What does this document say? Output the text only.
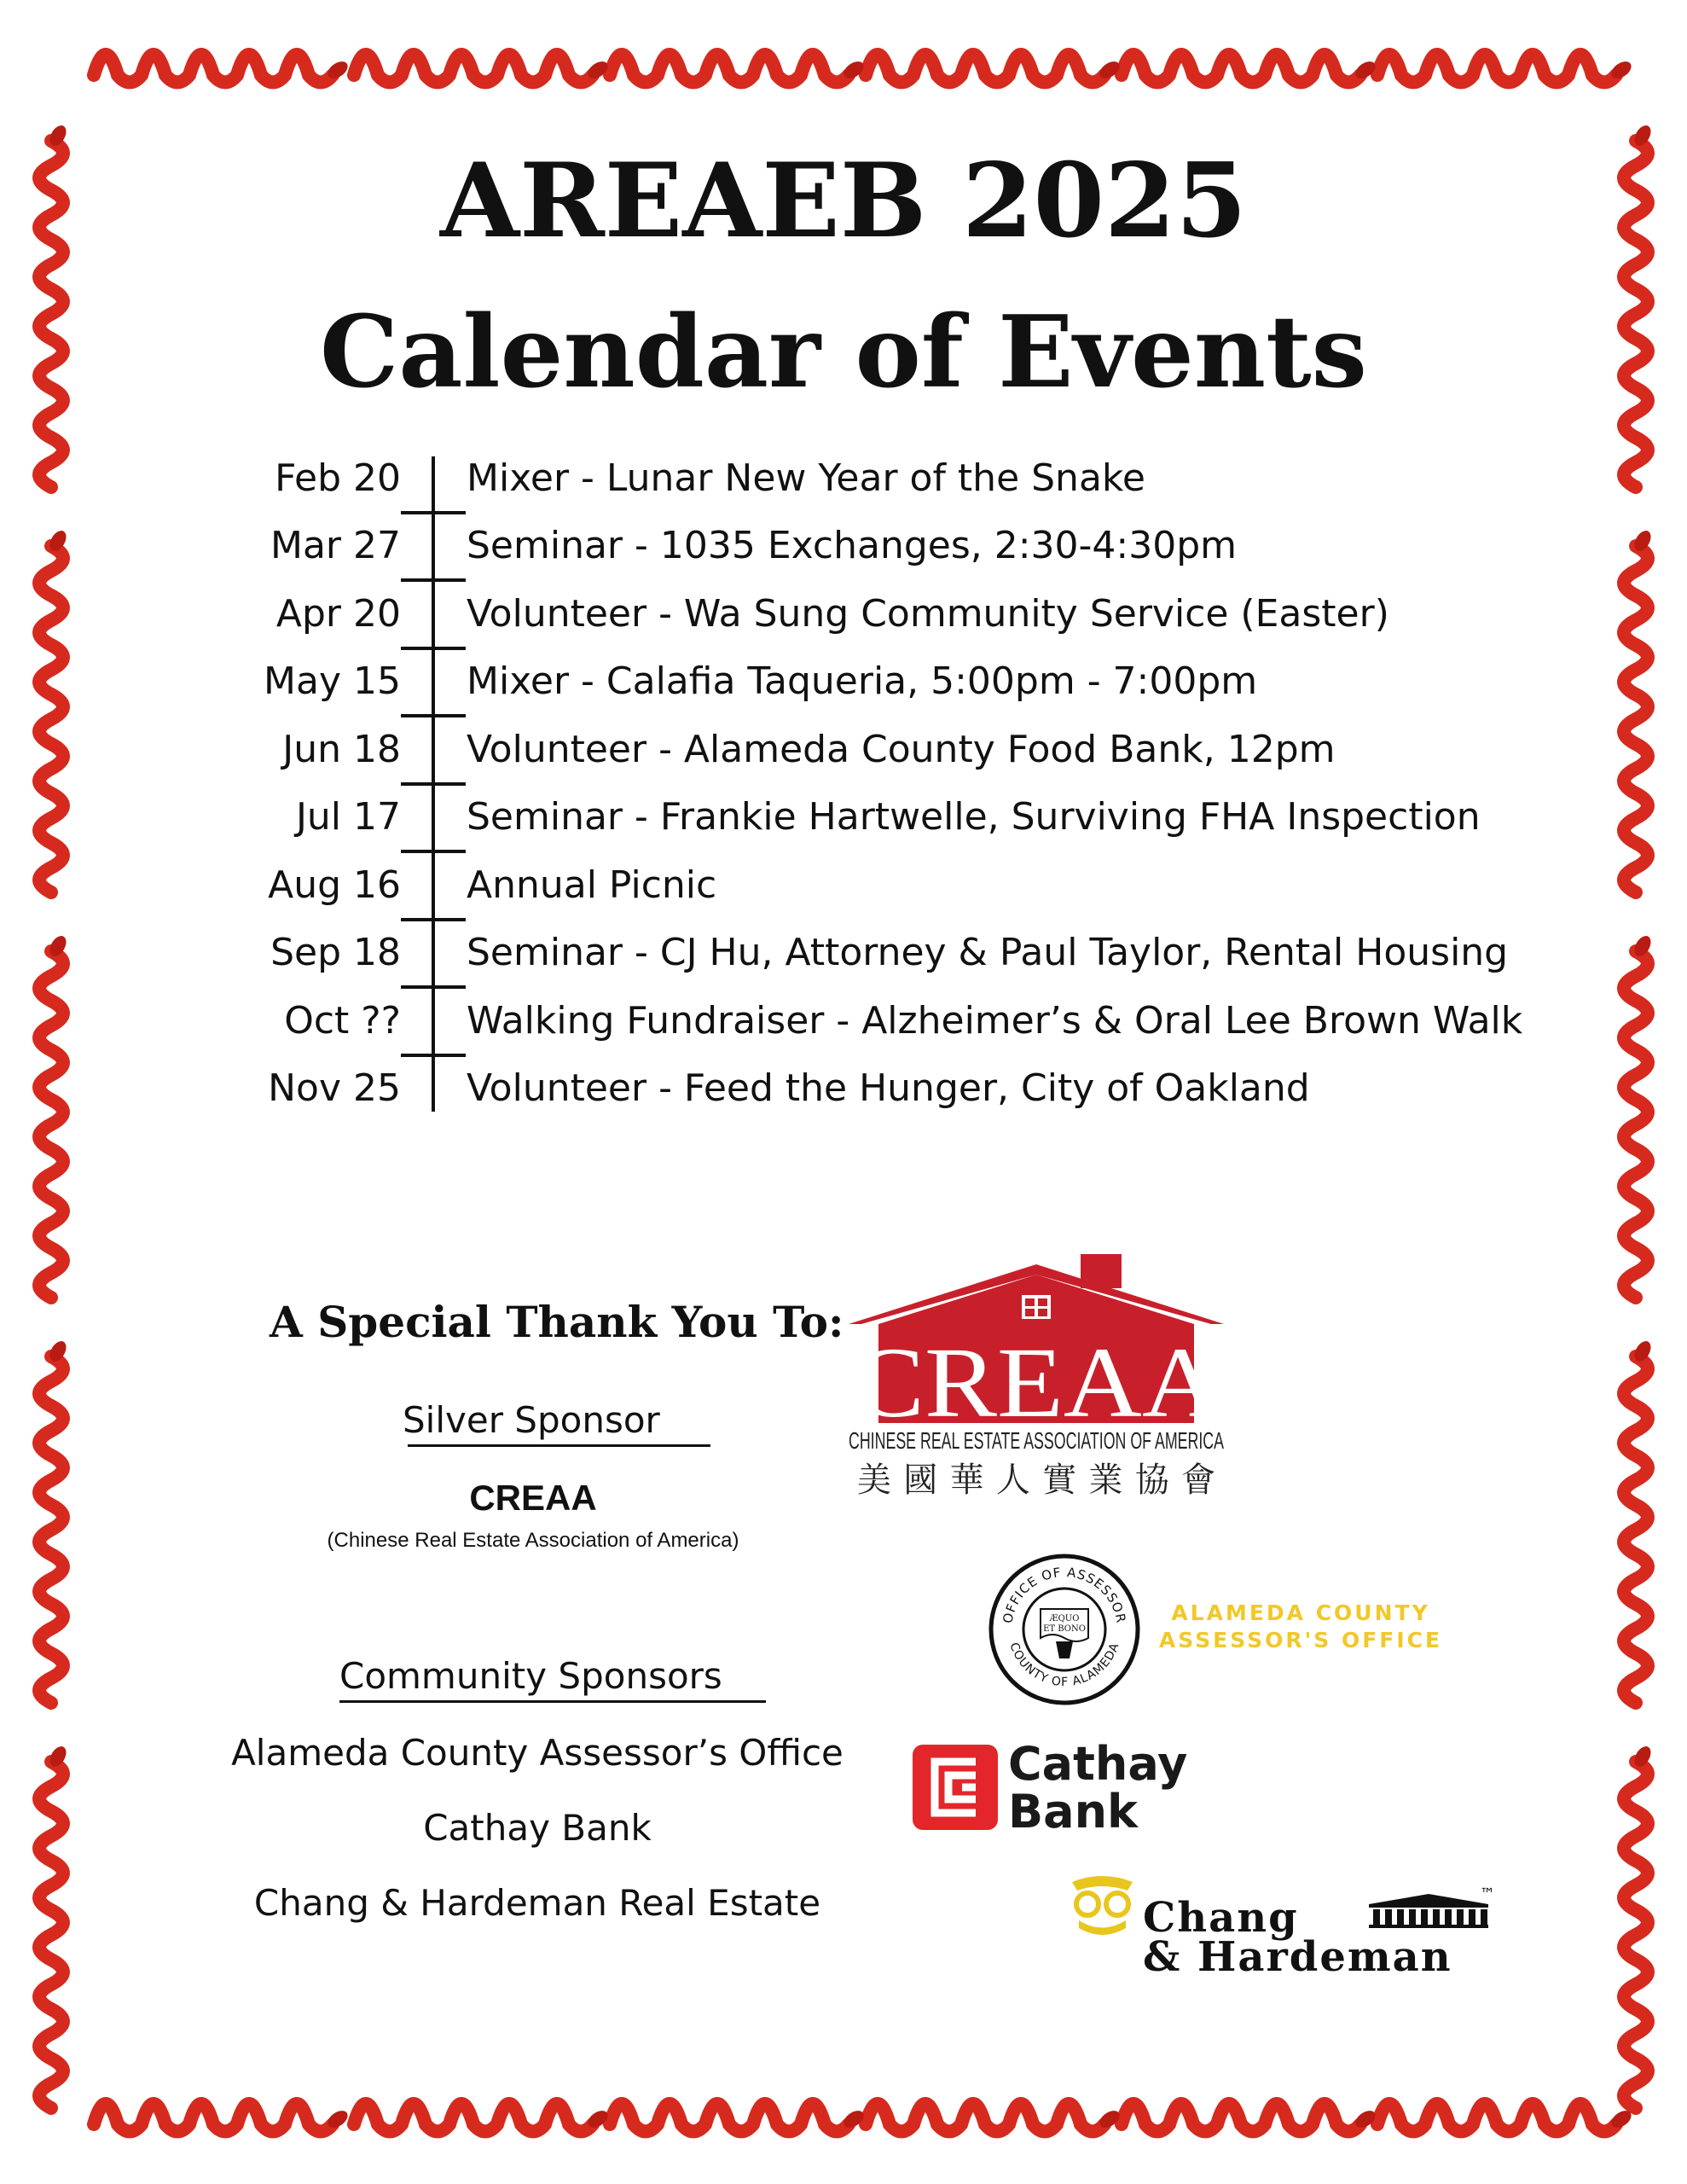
AREAEB 2025
Calendar of Events
Feb 20 Mixer - Lunar New Year of the Snake
Mar 27 Seminar - 1035 Exchanges, 2:30-4:30pm
Apr 20 Volunteer - Wa Sung Community Service (Easter)
May 15 Mixer - Calafia Taqueria, 5:00pm - 7:00pm
Jun 18 Volunteer - Alameda County Food Bank, 12pm
Jul 17 Seminar - Frankie Hartwelle, Surviving FHA Inspection
Aug 16 Annual Picnic
Sep 18 Seminar - CJ Hu, Attorney & Paul Taylor, Rental Housing
Oct ?? Walking Fundraiser - Alzheimer’s & Oral Lee Brown Walk
Nov 25 Volunteer - Feed the Hunger, City of Oakland
A Special Thank You To:
Silver Sponsor
CREAA
(Chinese Real Estate Association of America)
Community Sponsors
Alameda County Assessor’s Office
Cathay Bank
Chang & Hardeman Real Estate
CREAA
CHINESE REAL ESTATE ASSOCIATION OF AMERICA
美國華人實業協會
OFFICE OF ASSESSOR
COUNTY OF ALAMEDA
ÆQUO
ET BONO
ALAMEDA COUNTY
ASSESSOR'S OFFICE
Cathay
Bank
Chang
& Hardeman
™
